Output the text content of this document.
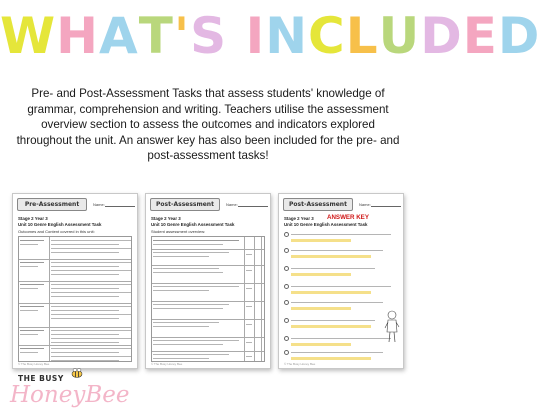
WHAT'S INCLUDED
Pre- and Post-Assessment Tasks that assess students' knowledge of grammar, comprehension and writing. Teachers utilise the assessment overview section to assess the outcomes and indicators explored throughout the unit. An answer key has also been included for the pre- and post-assessment tasks!
Pre-Assessment	Name:
Stage 2 Year 3
Unit 10 Genre English Assessment Task
Outcomes and Content covered in this unit:
© The Busy Honey Bee
Post-Assessment	Name:
Stage 2 Year 3
Unit 10 Genre English Assessment Task
Student assessment overview:
© The Busy Honey Bee
Post-Assessment	Name:
Stage 2 Year 3 ANSWER KEY
Unit 10 Genre English Assessment Task
© The Busy Honey Bee
THE BUSY
HoneyBee
